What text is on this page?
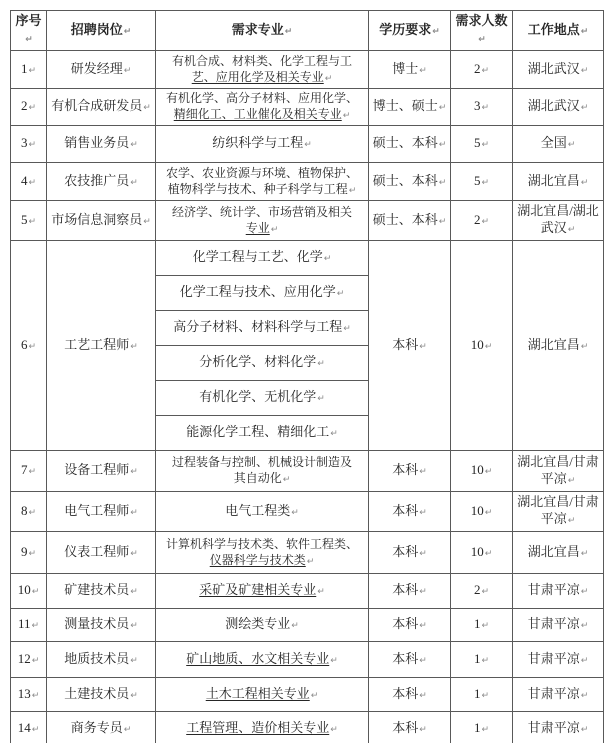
序号↵	招聘岗位↵	需求专业↵	学历要求↵	需求人数↵	工作地点↵
1↵	研发经理↵	有机合成、材料类、化学工程与工
艺、应用化学及相关专业↵	博士↵	2↵	湖北武汉↵
2↵	有机合成研发员↵	有机化学、高分子材料、应用化学、
精细化工、工业催化及相关专业↵	博士、硕士↵	3↵	湖北武汉↵
3↵	销售业务员↵	纺织科学与工程↵	硕士、本科↵	5↵	全国↵
4↵	农技推广员↵	农学、农业资源与环境、植物保护、
植物科学与技术、种子科学与工程↵	硕士、本科↵	5↵	湖北宜昌↵
5↵	市场信息洞察员↵	经济学、统计学、市场营销及相关
专业↵	硕士、本科↵	2↵	湖北宜昌/湖北武汉↵
6↵	工艺工程师↵	化学工程与工艺、化学↵	本科↵	10↵	湖北宜昌↵
		化学工程与技术、应用化学↵			
		高分子材料、材料科学与工程↵			
		分析化学、材料化学↵			
		有机化学、无机化学↵			
		能源化学工程、精细化工↵			
7↵	设备工程师↵	过程装备与控制、机械设计制造及
其自动化↵	本科↵	10↵	湖北宜昌/甘肃平凉↵
8↵	电气工程师↵	电气工程类↵	本科↵	10↵	湖北宜昌/甘肃平凉↵
9↵	仪表工程师↵	计算机科学与技术类、软件工程类、
仪器科学与技术类↵	本科↵	10↵	湖北宜昌↵
10↵	矿建技术员↵	采矿及矿建相关专业↵	本科↵	2↵	甘肃平凉↵
11↵	测量技术员↵	测绘类专业↵	本科↵	1↵	甘肃平凉↵
12↵	地质技术员↵	矿山地质、水文相关专业↵	本科↵	1↵	甘肃平凉↵
13↵	土建技术员↵	土木工程相关专业↵	本科↵	1↵	甘肃平凉↵
14↵	商务专员↵	工程管理、造价相关专业↵	本科↵	1↵	甘肃平凉↵
